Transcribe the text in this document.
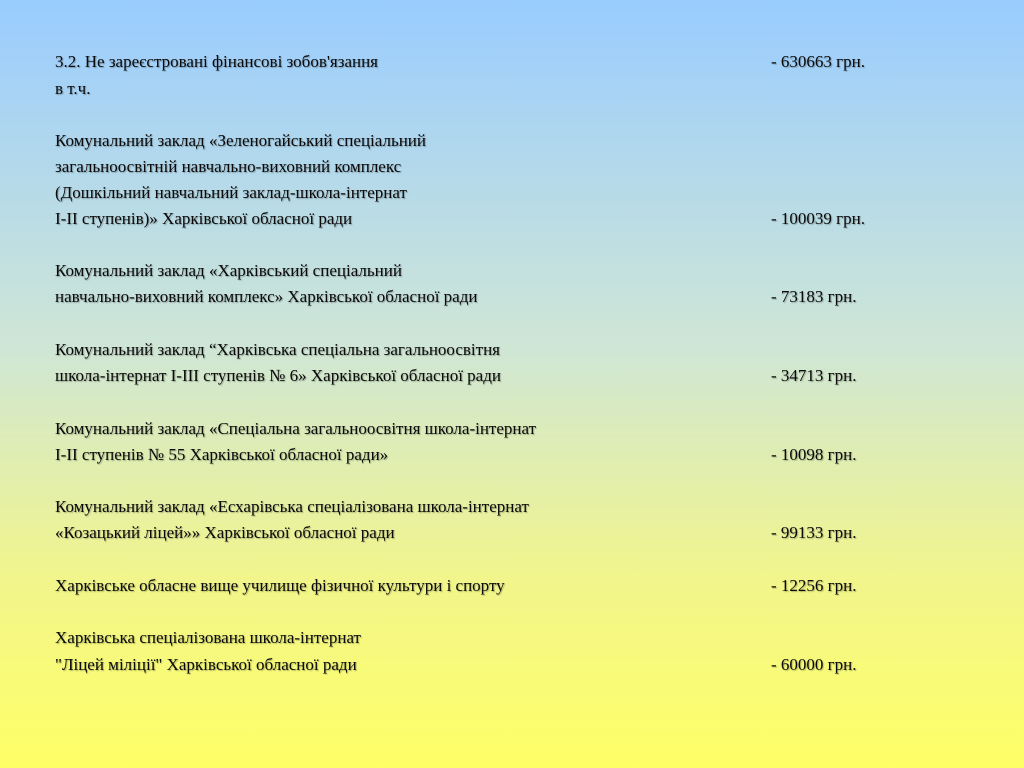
3.2. Не зареєстровані фінансові зобов'язання	- 630663 грн.
в т.ч.
Комунальний заклад «Зеленогайський спеціальний
загальноосвітній навчально-виховний комплекс
(Дошкільний навчальний заклад-школа-інтернат
І-ІІ ступенів)» Харківської обласної ради	- 100039 грн.
Комунальний заклад «Харківський спеціальний
навчально-виховний комплекс» Харківської обласної ради	- 73183 грн.
Комунальний заклад “Харківська спеціальна загальноосвітня
школа-інтернат І-ІІІ ступенів № 6» Харківської обласної ради	- 34713 грн.
Комунальний заклад «Спеціальна загальноосвітня школа-інтернат
І-ІІ ступенів № 55 Харківської обласної ради»	- 10098 грн.
Комунальний заклад «Есхарівська спеціалізована школа-інтернат
«Козацький ліцей»» Харківської обласної ради	- 99133 грн.
Харківське обласне вище училище фізичної культури і спорту	- 12256 грн.
Харківська спеціалізована школа-інтернат
"Ліцей міліції" Харківської обласної ради	- 60000 грн.
